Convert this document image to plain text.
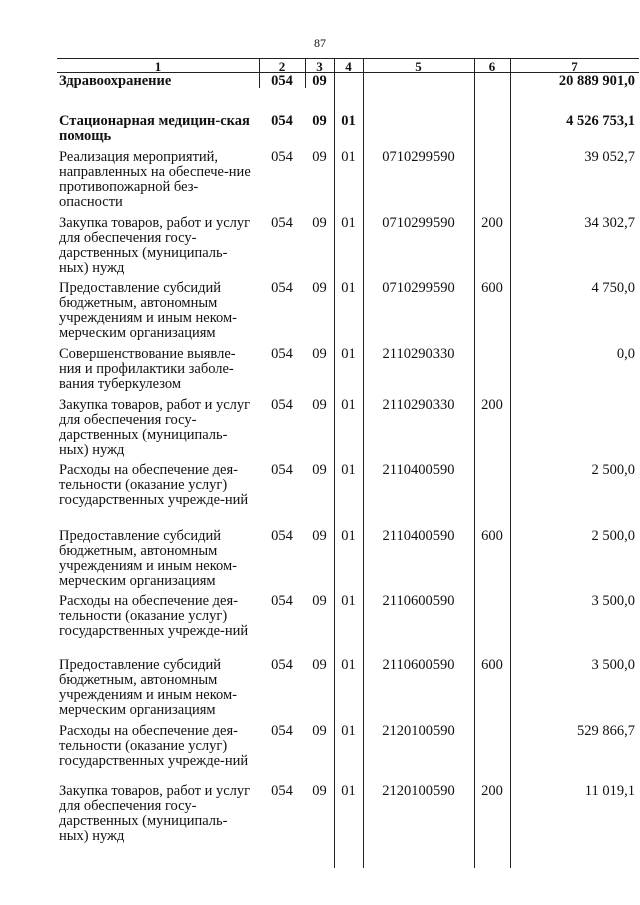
87
1	2	3	4	5	6	7
Здравоохранение	054	09				20 889 901,0
Стационарная медицин-ская помощь	054	09	01			4 526 753,1
Реализация мероприятий, направленных на обеспече-ние противопожарной без-опасности	054	09	01	0710299590		39 052,7
Закупка товаров, работ и услуг для обеспечения госу-дарственных (муниципаль-ных) нужд	054	09	01	0710299590	200	34 302,7
Предоставление субсидий бюджетным, автономным учреждениям и иным неком-мерческим организациям	054	09	01	0710299590	600	4 750,0
Совершенствование выявле-ния и профилактики заболе-вания туберкулезом	054	09	01	2110290330		0,0
Закупка товаров, работ и услуг для обеспечения госу-дарственных (муниципаль-ных) нужд	054	09	01	2110290330	200	
Расходы на обеспечение дея-тельности (оказание услуг) государственных учрежде-ний	054	09	01	2110400590		2 500,0
Предоставление субсидий бюджетным, автономным учреждениям и иным неком-мерческим организациям	054	09	01	2110400590	600	2 500,0
Расходы на обеспечение дея-тельности (оказание услуг) государственных учрежде-ний	054	09	01	2110600590		3 500,0
Предоставление субсидий бюджетным, автономным учреждениям и иным неком-мерческим организациям	054	09	01	2110600590	600	3 500,0
Расходы на обеспечение дея-тельности (оказание услуг) государственных учрежде-ний	054	09	01	2120100590		529 866,7
Закупка товаров, работ и услуг для обеспечения госу-дарственных (муниципаль-ных) нужд	054	09	01	2120100590	200	11 019,1
